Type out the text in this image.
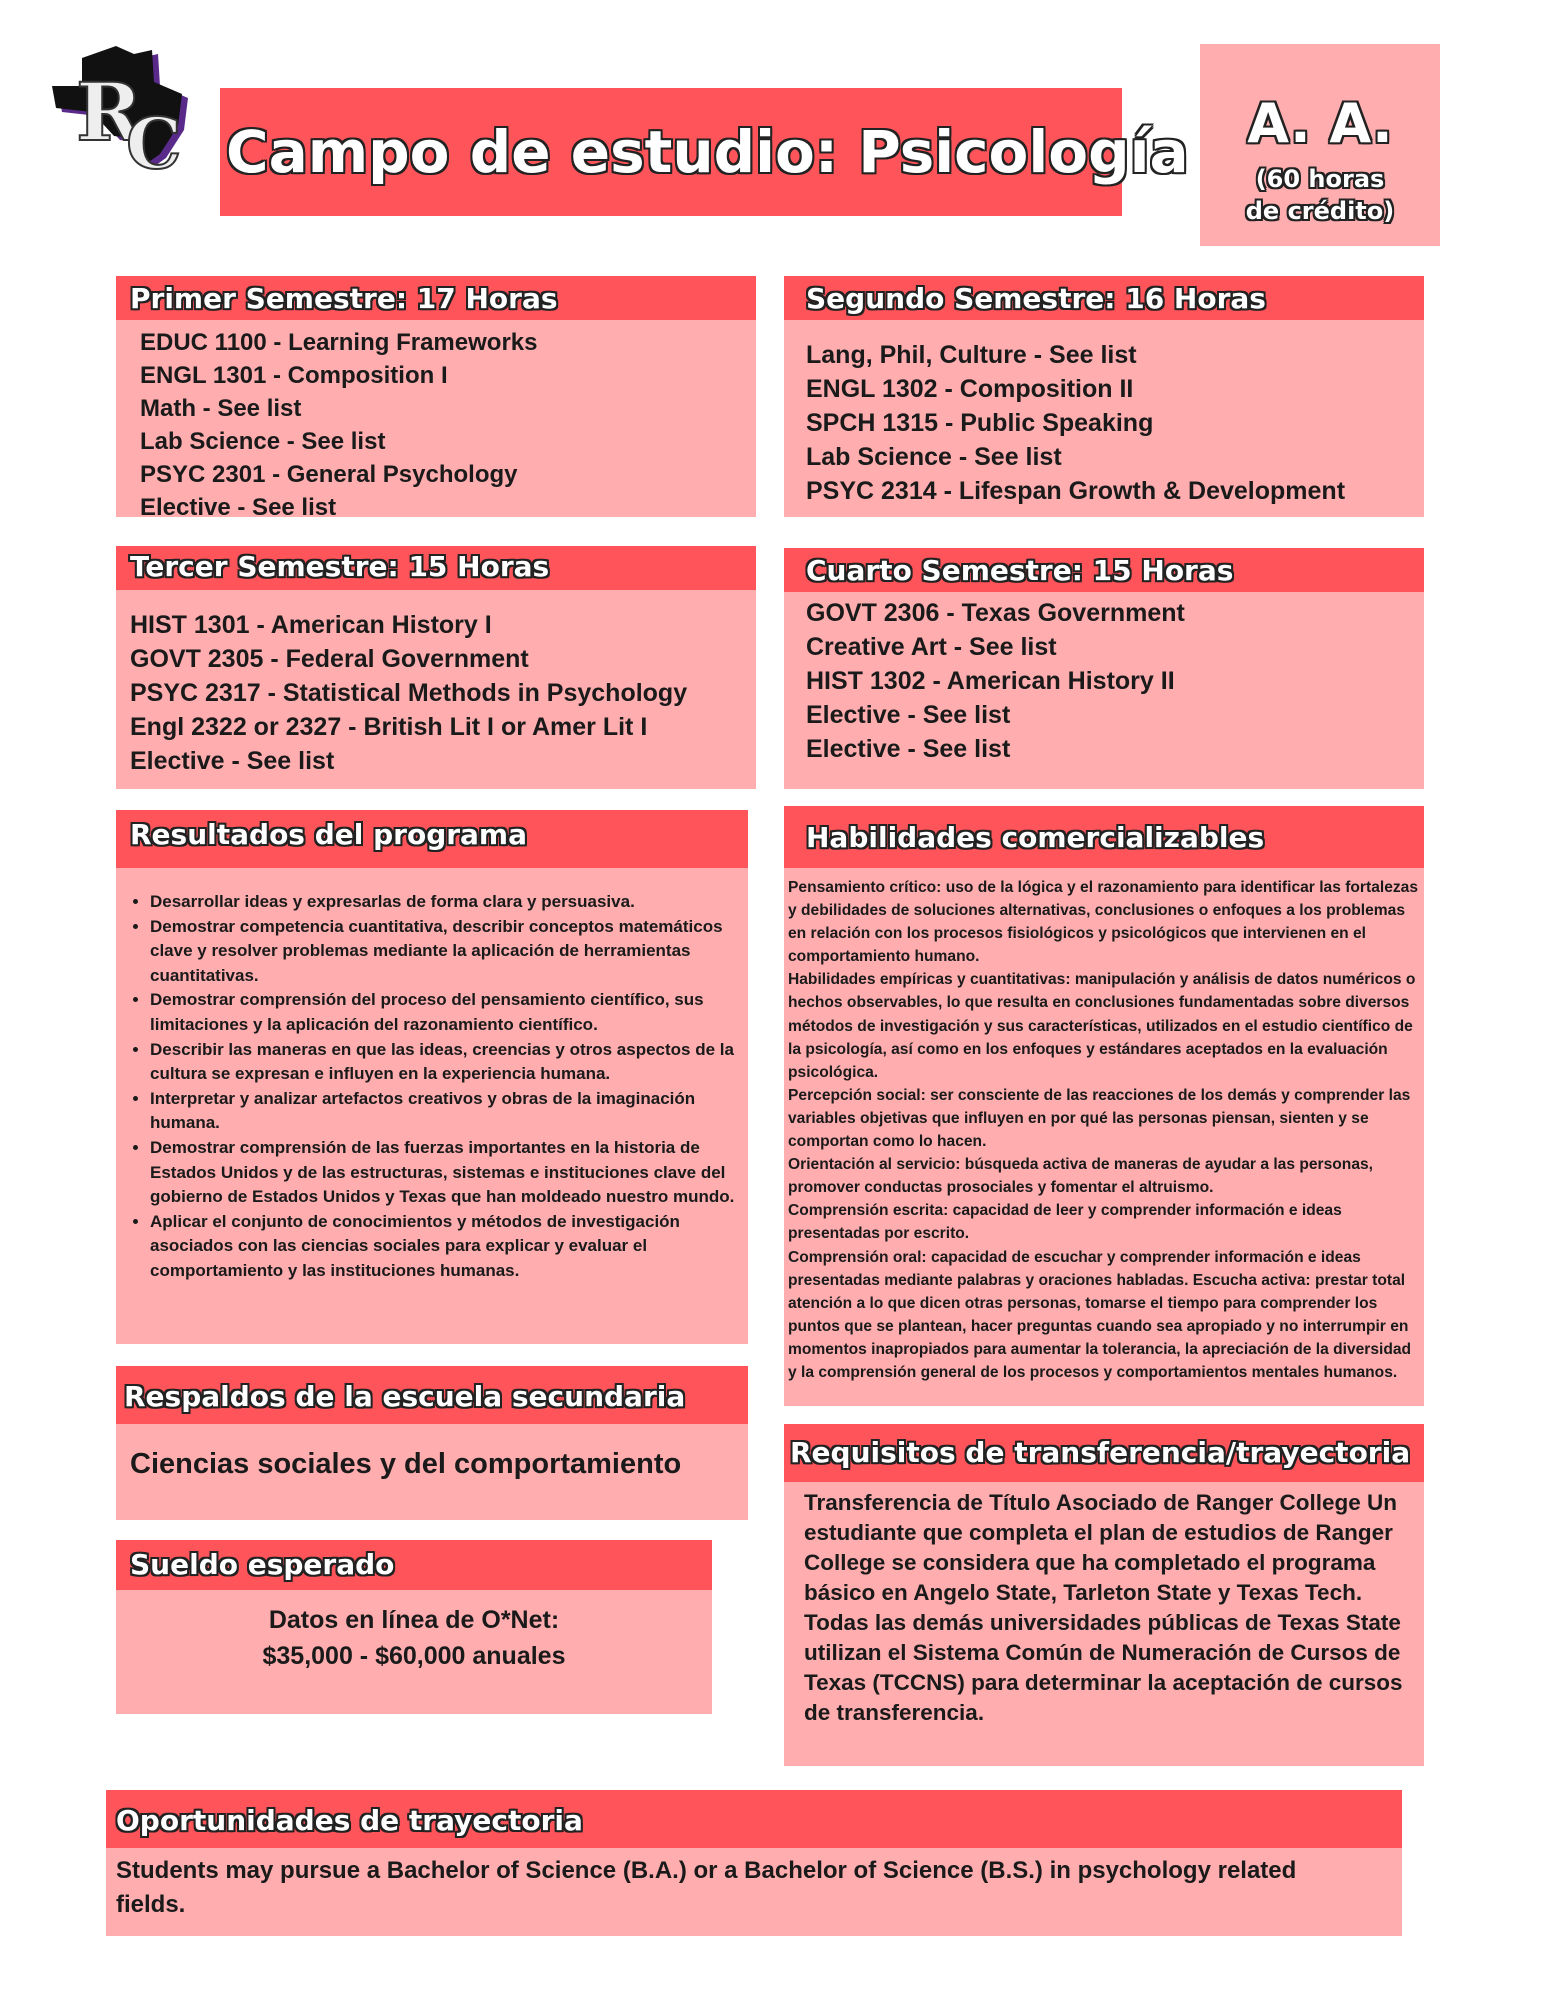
R
C Campo de estudio: Psicología	A. A.
(60 horas de crédito)
Primer Semestre: 17 Horas
EDUC 1100 - Learning Frameworks
ENGL 1301 - Composition I
Math - See list
Lab Science - See list
PSYC 2301 - General Psychology
Elective - See list
Segundo Semestre: 16 Horas
Lang, Phil, Culture - See list
ENGL 1302 - Composition II
SPCH 1315 - Public Speaking
Lab Science - See list
PSYC 2314 - Lifespan Growth & Development
Tercer Semestre: 15 Horas
HIST 1301 - American History I
GOVT 2305 - Federal Government
PSYC 2317 - Statistical Methods in Psychology
Engl 2322 or 2327 - British Lit I or Amer Lit I
Elective - See list
Cuarto Semestre: 15 Horas
GOVT 2306 - Texas Government
Creative Art - See list
HIST 1302 - American History II
Elective - See list
Elective - See list
Resultados del programa
• Desarrollar ideas y expresarlas de forma clara y persuasiva.
• Demostrar competencia cuantitativa, describir conceptos matemáticos clave y resolver problemas mediante la aplicación de herramientas cuantitativas.
• Demostrar comprensión del proceso del pensamiento científico, sus limitaciones y la aplicación del razonamiento científico.
• Describir las maneras en que las ideas, creencias y otros aspectos de la cultura se expresan e influyen en la experiencia humana.
• Interpretar y analizar artefactos creativos y obras de la imaginación humana.
• Demostrar comprensión de las fuerzas importantes en la historia de Estados Unidos y de las estructuras, sistemas e instituciones clave del gobierno de Estados Unidos y Texas que han moldeado nuestro mundo.
• Aplicar el conjunto de conocimientos y métodos de investigación asociados con las ciencias sociales para explicar y evaluar el comportamiento y las instituciones humanas.
Habilidades comercializables

Pensamiento crítico: uso de la lógica y el razonamiento para identificar las fortalezas y debilidades de soluciones alternativas, conclusiones o enfoques a los problemas en relación con los procesos fisiológicos y psicológicos que intervienen en el comportamiento humano.

Habilidades empíricas y cuantitativas: manipulación y análisis de datos numéricos o hechos observables, lo que resulta en conclusiones fundamentadas sobre diversos métodos de investigación y sus características, utilizados en el estudio científico de la psicología, así como en los enfoques y estándares aceptados en la evaluación psicológica.

Percepción social: ser consciente de las reacciones de los demás y comprender las variables objetivas que influyen en por qué las personas piensan, sienten y se comportan como lo hacen.

Orientación al servicio: búsqueda activa de maneras de ayudar a las personas, promover conductas prosociales y fomentar el altruismo.

Comprensión escrita: capacidad de leer y comprender información e ideas presentadas por escrito.

Comprensión oral: capacidad de escuchar y comprender información e ideas presentadas mediante palabras y oraciones habladas. Escucha activa: prestar total atención a lo que dicen otras personas, tomarse el tiempo para comprender los puntos que se plantean, hacer preguntas cuando sea apropiado y no interrumpir en momentos inapropiados para aumentar la tolerancia, la apreciación de la diversidad y la comprensión general de los procesos y comportamientos mentales humanos.

Respaldos de la escuela secundaria
Ciencias sociales y del comportamiento
Sueldo esperado
Datos en línea de O*Net:
$35,000 - $60,000 anuales
Requisitos de transferencia/trayectoria
Transferencia de Título Asociado de Ranger College Un estudiante que completa el plan de estudios de Ranger College se considera que ha completado el programa básico en Angelo State, Tarleton State y Texas Tech. Todas las demás universidades públicas de Texas State utilizan el Sistema Común de Numeración de Cursos de Texas (TCCNS) para determinar la aceptación de cursos de transferencia.
Oportunidades de trayectoria
Students may pursue a Bachelor of Science (B.A.) or a Bachelor of Science (B.S.) in psychology related fields.
